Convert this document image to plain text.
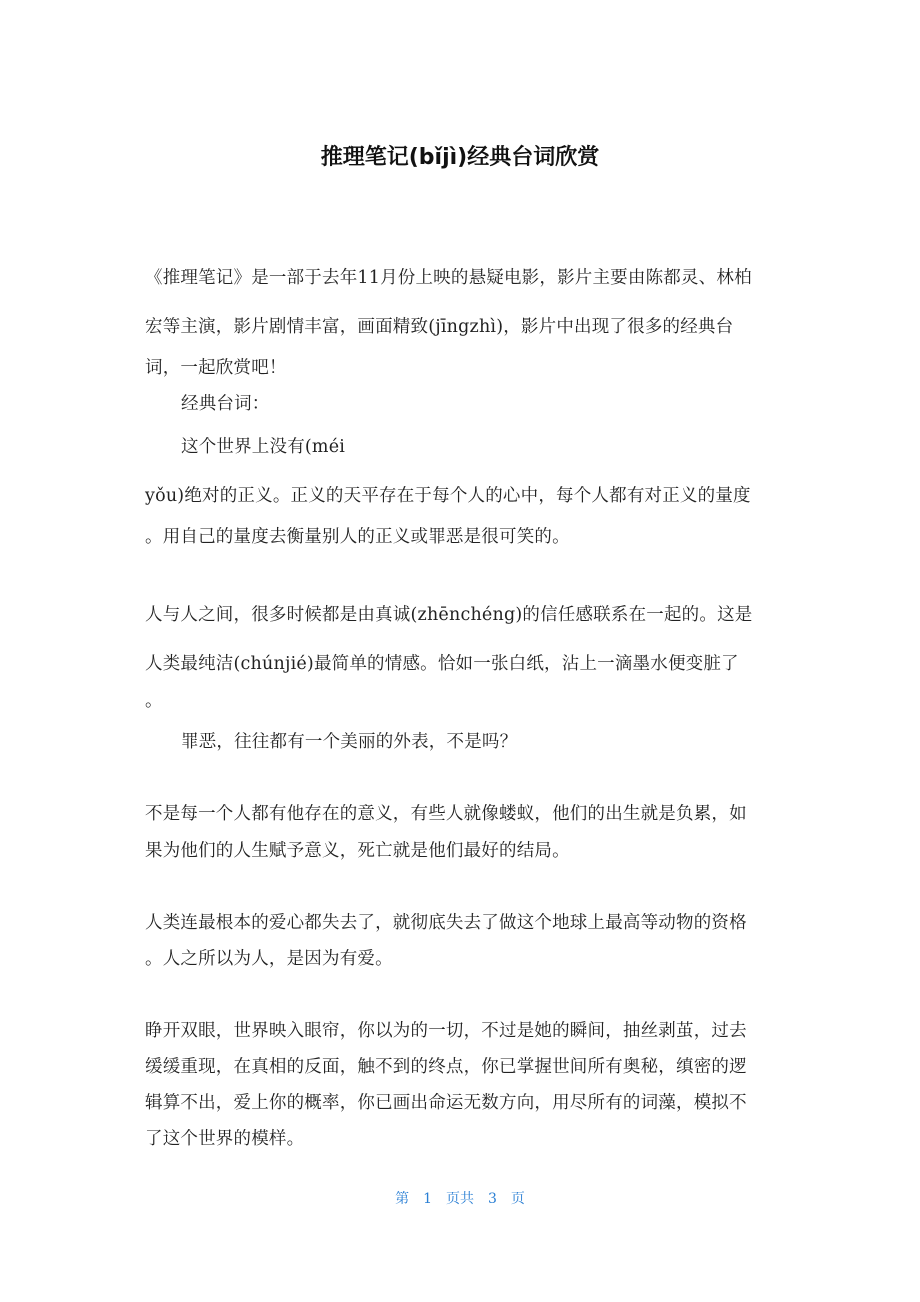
推理笔记(bǐjì)经典台词欣赏
《推理笔记》是一部于去年11月份上映的悬疑电影，影片主要由陈都灵、林柏
宏等主演，影片剧情丰富，画面精致(jīngzhì)，影片中出现了很多的经典台
词，一起欣赏吧！
经典台词：
这个世界上没有(méi
yǒu)绝对的正义。正义的天平存在于每个人的心中，每个人都有对正义的量度
。用自己的量度去衡量别人的正义或罪恶是很可笑的。
人与人之间，很多时候都是由真诚(zhēnchéng)的信任感联系在一起的。这是
人类最纯洁(chúnjié)最简单的情感。恰如一张白纸，沾上一滴墨水便变脏了
。
罪恶，往往都有一个美丽的外表，不是吗？
不是每一个人都有他存在的意义，有些人就像蝼蚁，他们的出生就是负累，如
果为他们的人生赋予意义，死亡就是他们最好的结局。
人类连最根本的爱心都失去了，就彻底失去了做这个地球上最高等动物的资格
。人之所以为人，是因为有爱。
睁开双眼，世界映入眼帘，你以为的一切，不过是她的瞬间，抽丝剥茧，过去
缓缓重现，在真相的反面，触不到的终点，你已掌握世间所有奥秘，缜密的逻
辑算不出，爱上你的概率，你已画出命运无数方向，用尽所有的词藻，模拟不
了这个世界的模样。
第 1 页共 3 页
